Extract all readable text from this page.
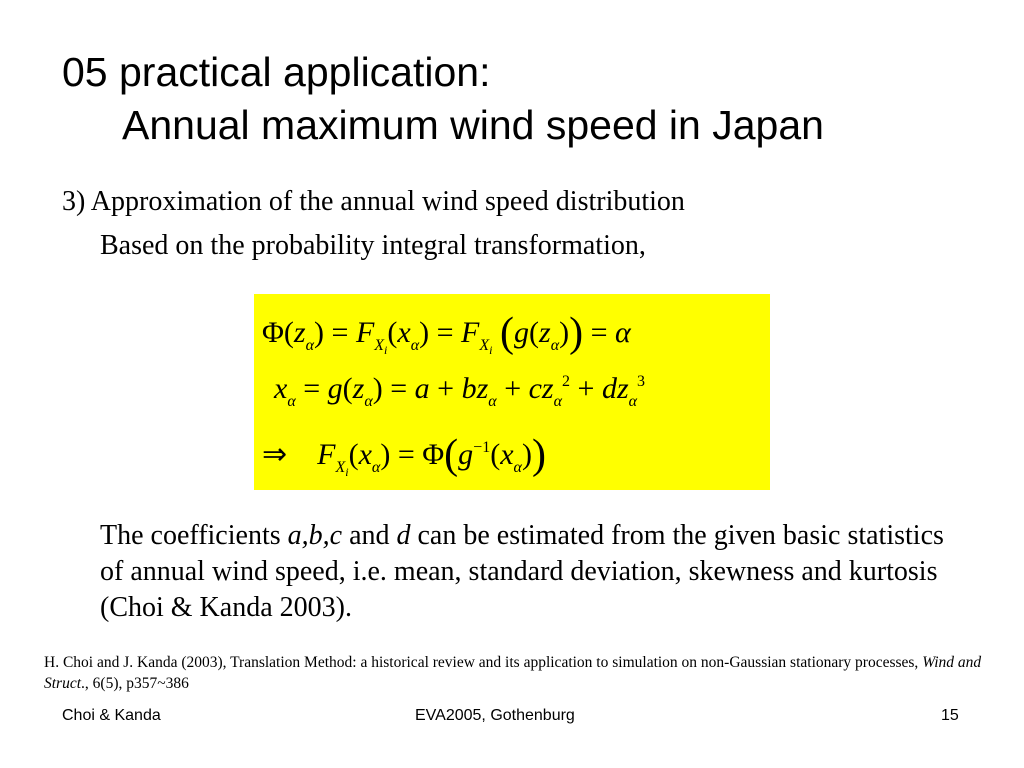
05 practical application:
Annual maximum wind speed in Japan
3) Approximation of the annual wind speed distribution
Based on the probability integral transformation,
$\Phi(z_\alpha) = F_{X_i}(x_\alpha) = F_{X_i}$ $(g(z_\alpha)) = \alpha$
$x_\alpha = g(z_\alpha) = a + bz_\alpha + cz_\alpha^2 + dz_\alpha^3$
⇒    $F_{X_i}(x_\alpha) = \Phi(g^{-1}(x_\alpha))$
The coefficients a,b,c and d can be estimated from the given basic statistics of annual wind speed, i.e. mean, standard deviation, skewness and kurtosis (Choi & Kanda 2003).
H. Choi and J. Kanda (2003), Translation Method: a historical review and its application to simulation on non-Gaussian stationary processes, Wind and Struct., 6(5), p357~386
Choi & Kanda	EVA2005, Gothenburg	15
